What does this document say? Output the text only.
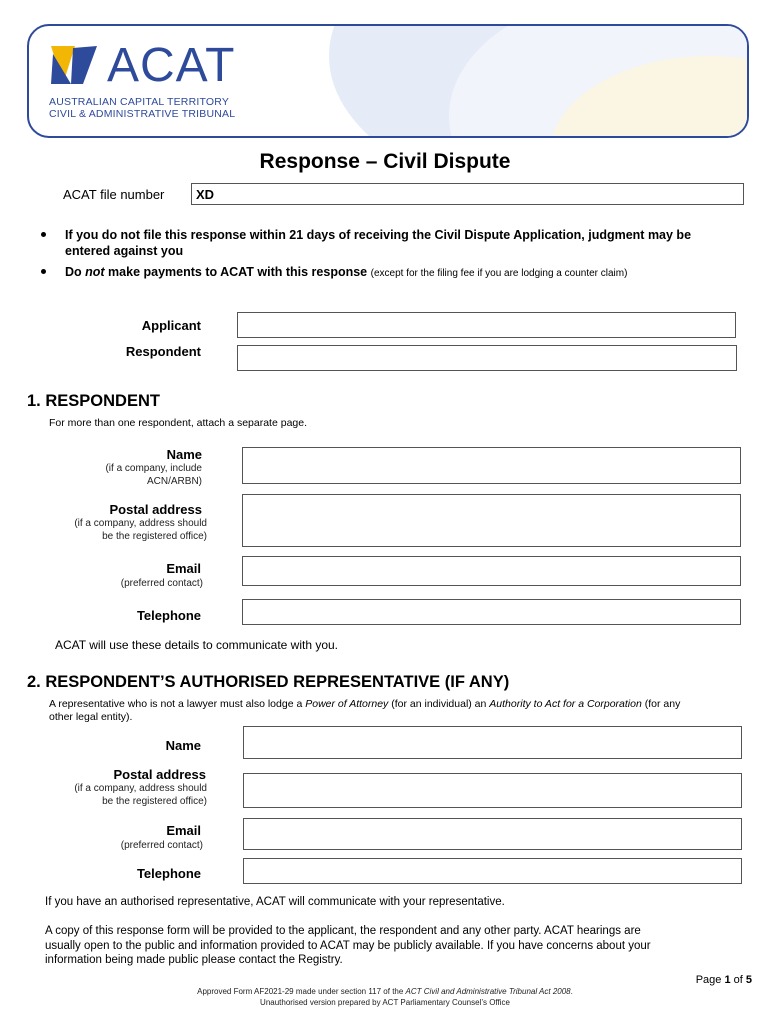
ACAT
AUSTRALIAN CAPITAL TERRITORY
CIVIL & ADMINISTRATIVE TRIBUNAL
Response – Civil Dispute
ACAT file number XD
If you do not file this response within 21 days of receiving the Civil Dispute Application, judgment may be entered against you
Do not make payments to ACAT with this response (except for the filing fee if you are lodging a counter claim)
Applicant
Respondent
1. RESPONDENT
For more than one respondent, attach a separate page.
Name
(if a company, include
ACN/ARBN)
Postal address
(if a company, address should
be the registered office)
Email
(preferred contact)
Telephone
ACAT will use these details to communicate with you.
2. RESPONDENT’S AUTHORISED REPRESENTATIVE (IF ANY)
A representative who is not a lawyer must also lodge a Power of Attorney (for an individual) an Authority to Act for a Corporation (for any
other legal entity).
Name
Postal address
(if a company, address should
be the registered office)
Email
(preferred contact)
Telephone
If you have an authorised representative, ACAT will communicate with your representative.
A copy of this response form will be provided to the applicant, the respondent and any other party. ACAT hearings are
usually open to the public and information provided to ACAT may be publicly available. If you have concerns about your
information being made public please contact the Registry.
Page 1 of 5
Approved Form AF2021-29 made under section 117 of the ACT Civil and Administrative Tribunal Act 2008.
Unauthorised version prepared by ACT Parliamentary Counsel’s Office
